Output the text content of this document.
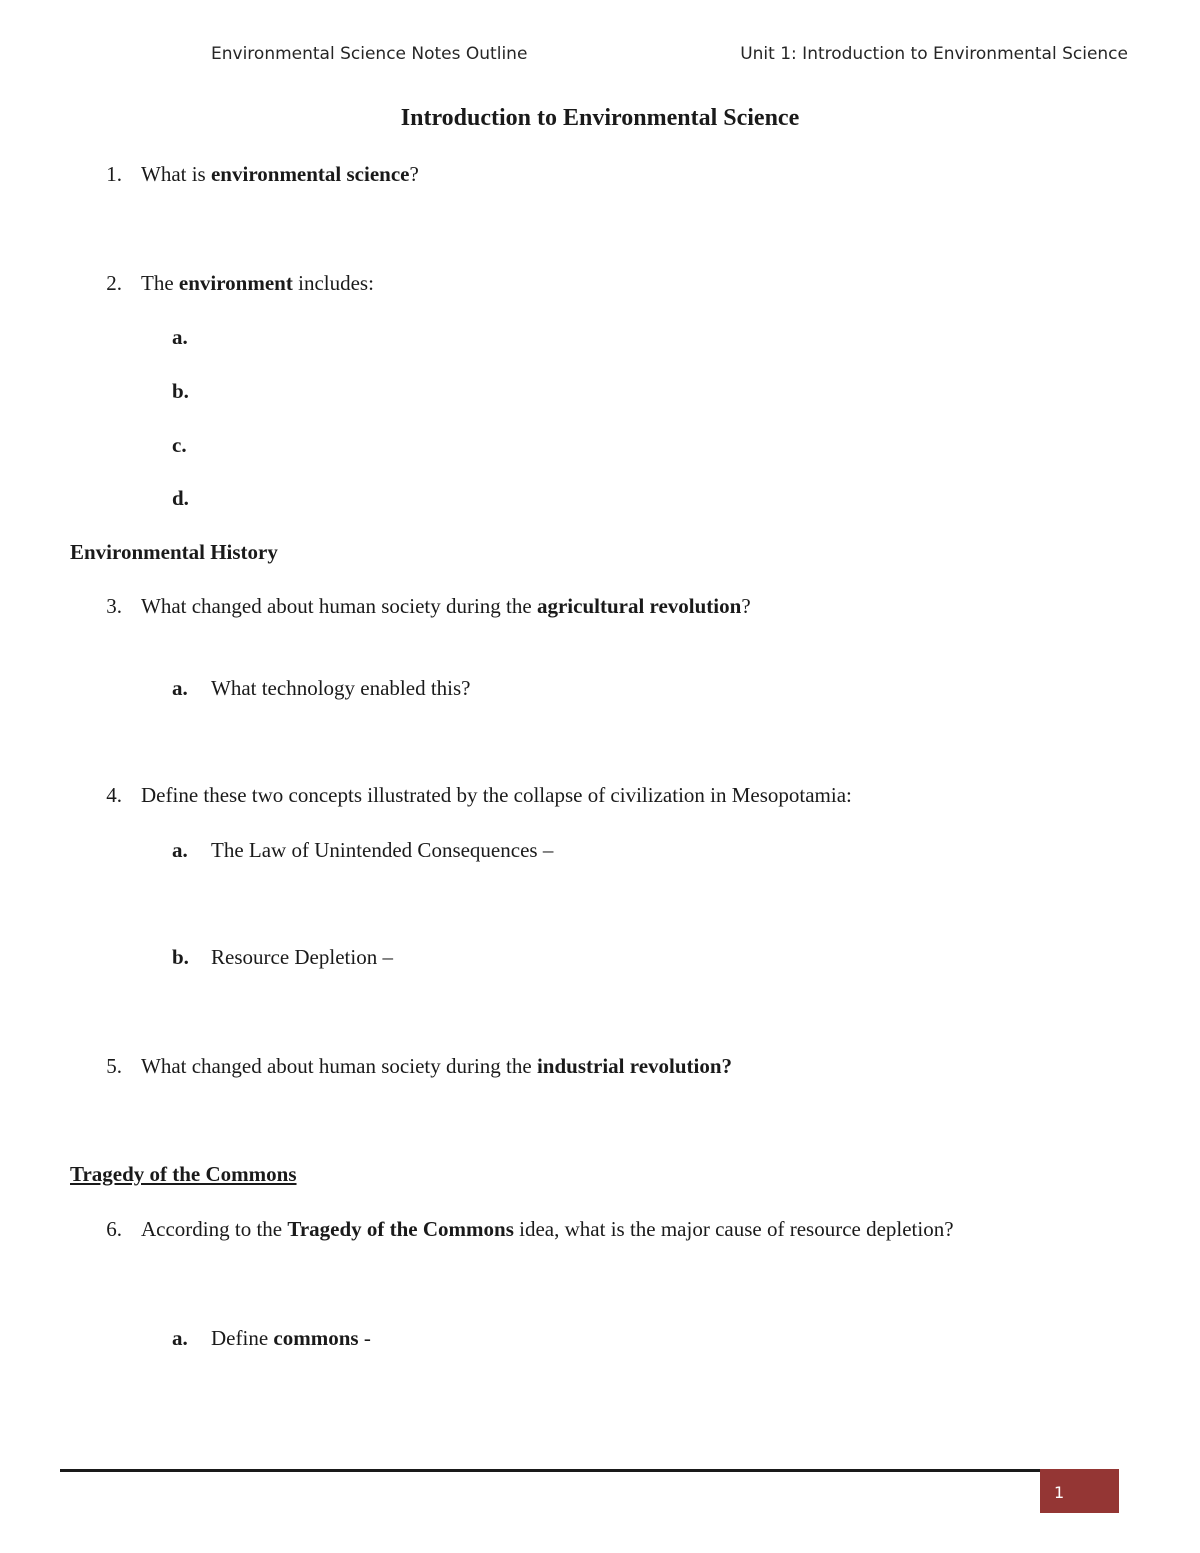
Environmental Science Notes Outline	Unit 1: Introduction to Environmental Science
Introduction to Environmental Science
1. What is environmental science?
2. The environment includes:
a.
b.
c.
d.
Environmental History
3. What changed about human society during the agricultural revolution?
a. What technology enabled this?
4. Define these two concepts illustrated by the collapse of civilization in Mesopotamia:
a. The Law of Unintended Consequences –
b. Resource Depletion –
5. What changed about human society during the industrial revolution?
Tragedy of the Commons
6. According to the Tragedy of the Commons idea, what is the major cause of resource depletion?
a. Define commons -
1
